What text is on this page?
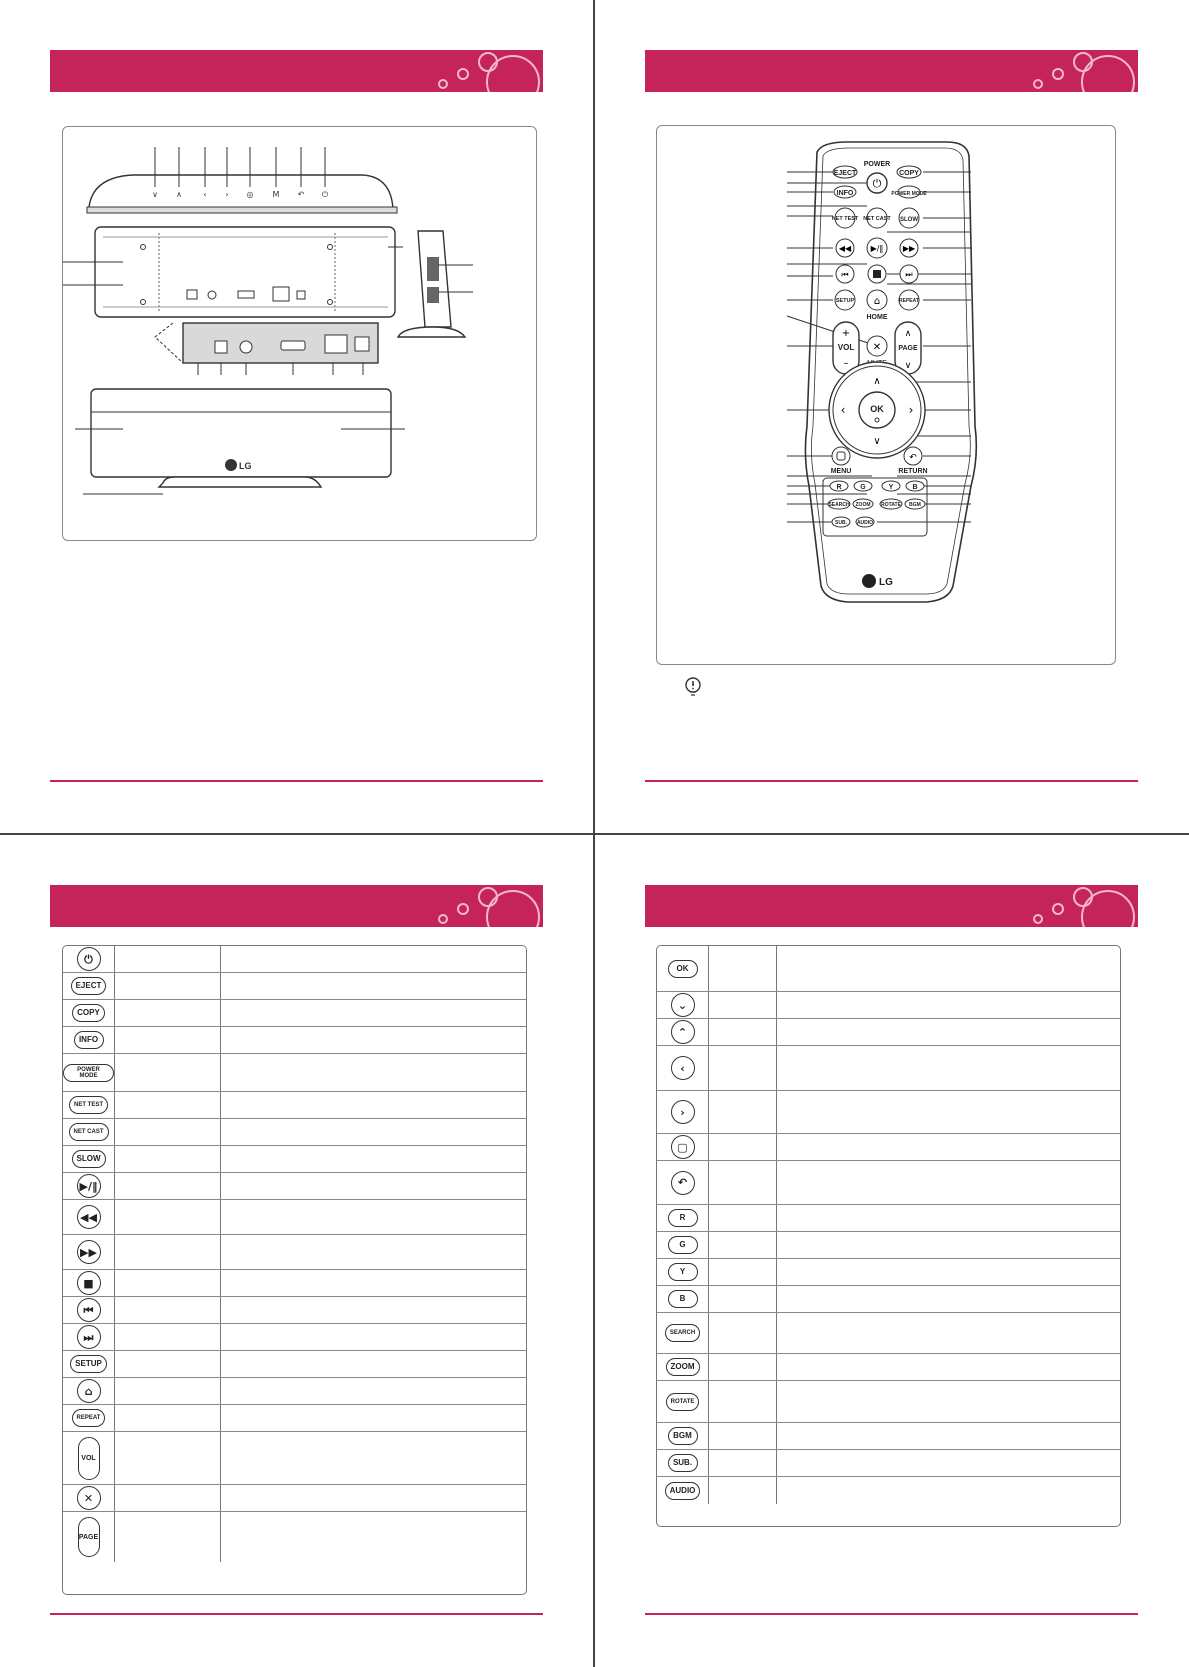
∨ ∧	‹ › ◎ M ↶ ⏻
LG
EJECT
POWER
⏻
COPY
INFO	POWER MODE
NET TEST NET CAST SLOW
◀◀ ▶/‖ ▶▶
⏮	⏭
SETUP ⌂
HOME
REPEAT
+
VOL
–
✕
∧
PAGE
∨
OK
∧
∨
‹	›
MENU
↶
RETURN
R	G	Y	B
SEARCH ZOOM ROTATE BGM
SUB. AUDIO
LG
⏻
EJECT
COPY
INFO
POWER MODE
NET TEST
NET CAST
SLOW
▶/‖
◀◀
▶▶
■
⏮
⏭
SETUP
⌂
REPEAT
VOL
✕
PAGE
OK
⌄
⌃
‹
›
▢
↶
R
G
Y
B
SEARCH
ZOOM
ROTATE
BGM
SUB.
AUDIO
